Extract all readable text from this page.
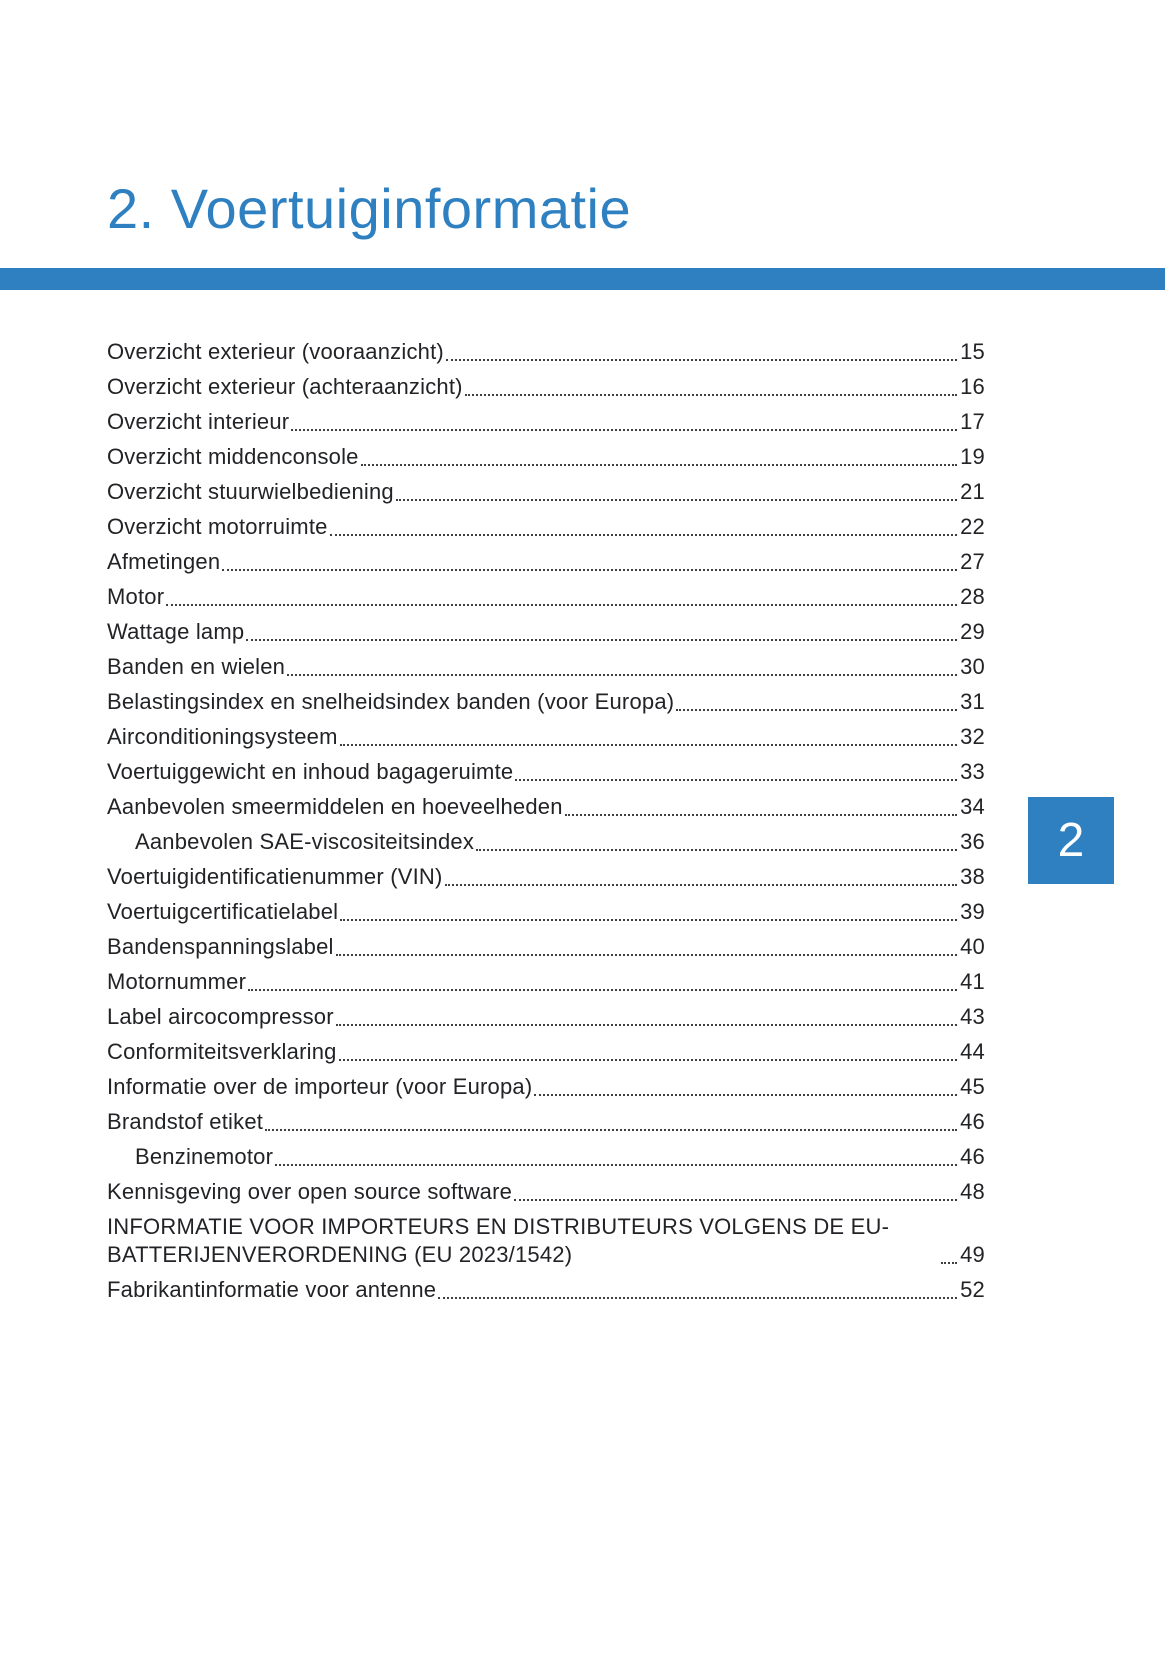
2. Voertuiginformatie
Overzicht exterieur (vooraanzicht)	15
Overzicht exterieur (achteraanzicht)	16
Overzicht interieur	17
Overzicht middenconsole	19
Overzicht stuurwielbediening	21
Overzicht motorruimte	22
Afmetingen	27
Motor	28
Wattage lamp	29
Banden en wielen	30
Belastingsindex en snelheidsindex banden (voor Europa)	31
Airconditioningsysteem	32
Voertuiggewicht en inhoud bagageruimte	33
Aanbevolen smeermiddelen en hoeveelheden	34
Aanbevolen SAE-viscositeitsindex	36
Voertuigidentificatienummer (VIN)	38
Voertuigcertificatielabel	39
Bandenspanningslabel	40
Motornummer	41
Label aircocompressor	43
Conformiteitsverklaring	44
Informatie over de importeur (voor Europa)	45
Brandstof etiket	46
Benzinemotor	46
Kennisgeving over open source software	48
INFORMATIE VOOR IMPORTEURS EN DISTRIBUTEURS VOLGENS DE EU-BATTERIJENVERORDENING (EU 2023/1542)	49
Fabrikantinformatie voor antenne	52
2
